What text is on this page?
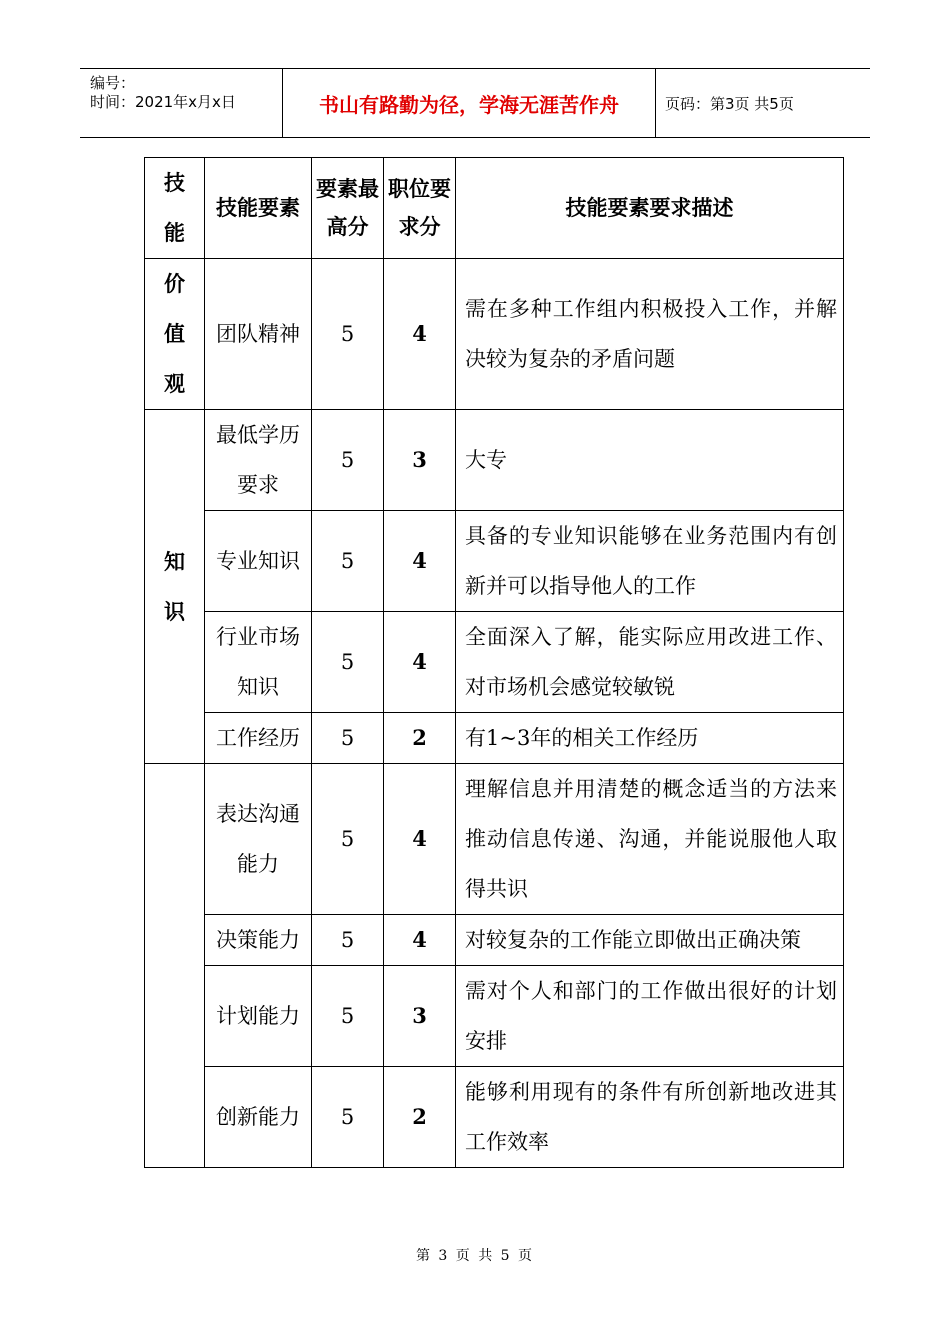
编号：
时间：2021年x月x日	书山有路勤为径，学海无涯苦作舟	页码：第3页 共5页
技能	技能要素	要素最高分	职位要求分	技能要素要求描述

价值观	团队精神	5	4	需在多种工作组内积极投入工作，并解决较为复杂的矛盾问题

知识	最低学历要求	5	3	大专

	专业知识	5	4	具备的专业知识能够在业务范围内有创新并可以指导他人的工作

	行业市场知识	5	4	全面深入了解，能实际应用改进工作、对市场机会感觉较敏锐

	工作经历	5	2	有1~3年的相关工作经历

	表达沟通能力	5	4	理解信息并用清楚的概念适当的方法来推动信息传递、沟通，并能说服他人取得共识

	决策能力	5	4	对较复杂的工作能立即做出正确决策

	计划能力	5	3	需对个人和部门的工作做出很好的计划安排

	创新能力	5	2	能够利用现有的条件有所创新地改进其工作效率
第 3 页 共 5 页
